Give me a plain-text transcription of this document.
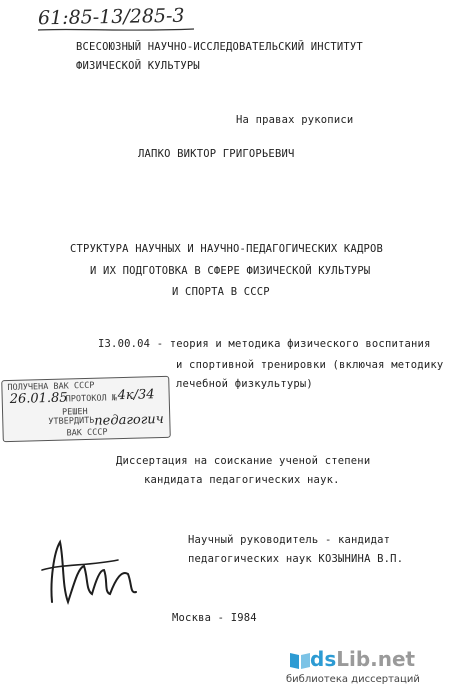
61:85-13/285-3
ВСЕСОЮЗНЫЙ НАУЧНО-ИССЛЕДОВАТЕЛЬСКИЙ ИНСТИТУТ
ФИЗИЧЕСКОЙ КУЛЬТУРЫ
На правах рукописи
ЛАПКО ВИКТОР ГРИГОРЬЕВИЧ
СТРУКТУРА НАУЧНЫХ И НАУЧНО-ПЕДАГОГИЧЕСКИХ КАДРОВ
И ИХ ПОДГОТОВКА В СФЕРЕ ФИЗИЧЕСКОЙ КУЛЬТУРЫ
И СПОРТА В СССР
I3.00.04 - теория и методика физического воспитания
и спортивной тренировки (включая методику
лечебной физкультуры)
ПОЛУЧЕНА ВАК СССР
26.01.85
ПРОТОКОЛ № 4к/34
РЕШЕН
УТВЕРДИТЬ педагогич
ВАК СССР
Диссертация на соискание ученой степени
кандидата педагогических наук.
Научный руководитель - кандидат
педагогических наук КОЗЫНИНА В.П.
Москва - I984
dsLib.net
библиотека диссертаций
